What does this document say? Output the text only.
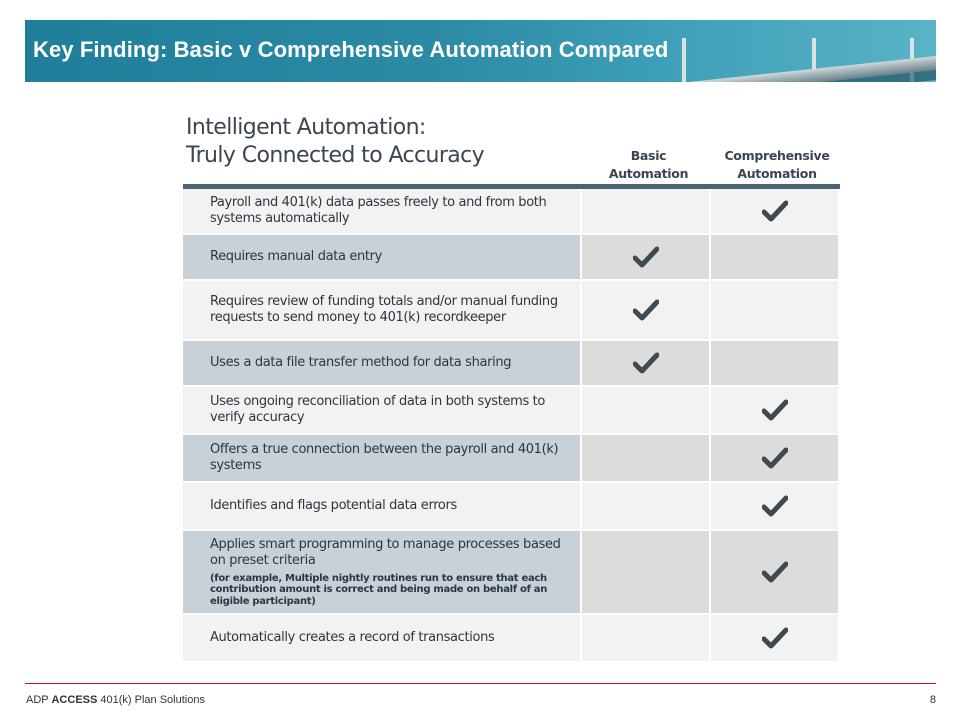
Key Finding: Basic v Comprehensive Automation Compared
Intelligent Automation:
Truly Connected to Accuracy	Basic
Automation
Comprehensive
Automation
Payroll and 401(k) data passes freely to and from both systems automatically
Requires manual data entry
Requires review of funding totals and/or manual funding requests to send money to 401(k) recordkeeper
Uses a data file transfer method for data sharing
Uses ongoing reconciliation of data in both systems to verify accuracy
Offers a true connection between the payroll and 401(k) systems
Identifies and flags potential data errors
Applies smart programming to manage processes based on preset criteria
(for example, Multiple nightly routines run to ensure that each contribution amount is correct and being made on behalf of an eligible participant)
Automatically creates a record of transactions
ADP ACCESS 401(k) Plan Solutions	8
